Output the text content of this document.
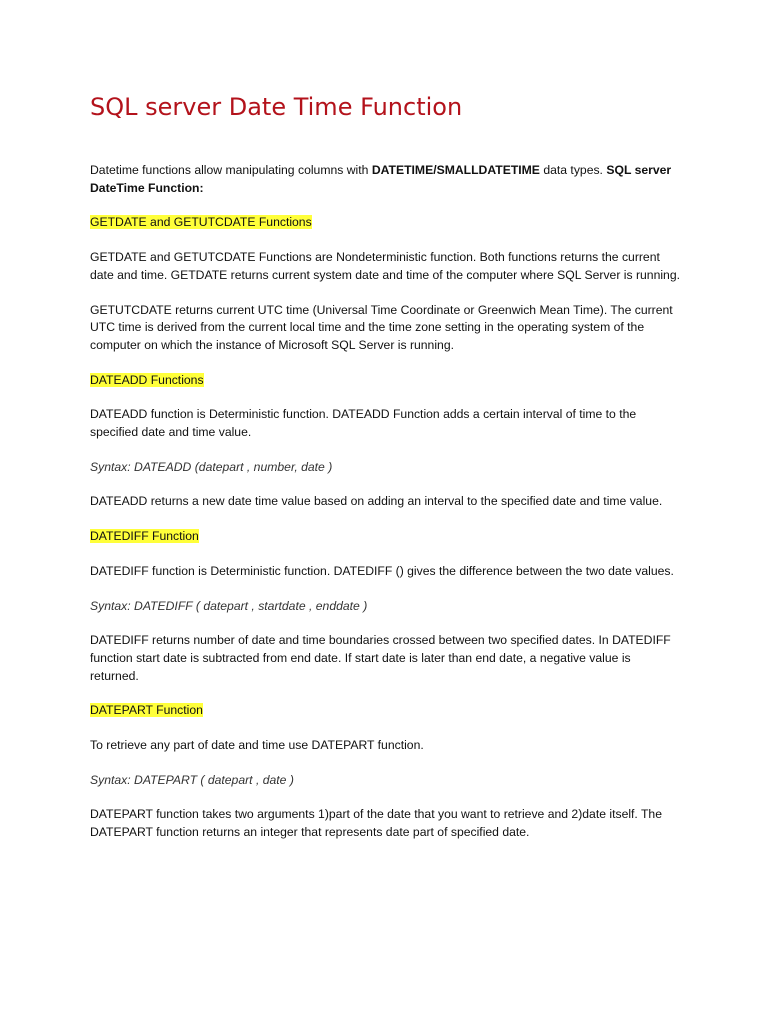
SQL server Date Time Function

Datetime functions allow manipulating columns with DATETIME/SMALLDATETIME data types. SQL server DateTime Function:

GETDATE and GETUTCDATE Functions

GETDATE and GETUTCDATE Functions are Nondeterministic function. Both functions returns the current date and time. GETDATE returns current system date and time of the computer where SQL Server is running.

GETUTCDATE returns current UTC time (Universal Time Coordinate or Greenwich Mean Time). The current UTC time is derived from the current local time and the time zone setting in the operating system of the computer on which the instance of Microsoft SQL Server is running.

DATEADD Functions

DATEADD function is Deterministic function. DATEADD Function adds a certain interval of time to the specified date and time value.

Syntax: DATEADD (datepart , number, date )

DATEADD returns a new date time value based on adding an interval to the specified date and time value.

DATEDIFF Function

DATEDIFF function is Deterministic function. DATEDIFF () gives the difference between the two date values.

Syntax: DATEDIFF ( datepart , startdate , enddate )

DATEDIFF returns number of date and time boundaries crossed between two specified dates. In DATEDIFF function start date is subtracted from end date. If start date is later than end date, a negative value is returned.

DATEPART Function

To retrieve any part of date and time use DATEPART function.

Syntax: DATEPART ( datepart , date )

DATEPART function takes two arguments 1)part of the date that you want to retrieve and 2)date itself. The DATEPART function returns an integer that represents date part of specified date.
